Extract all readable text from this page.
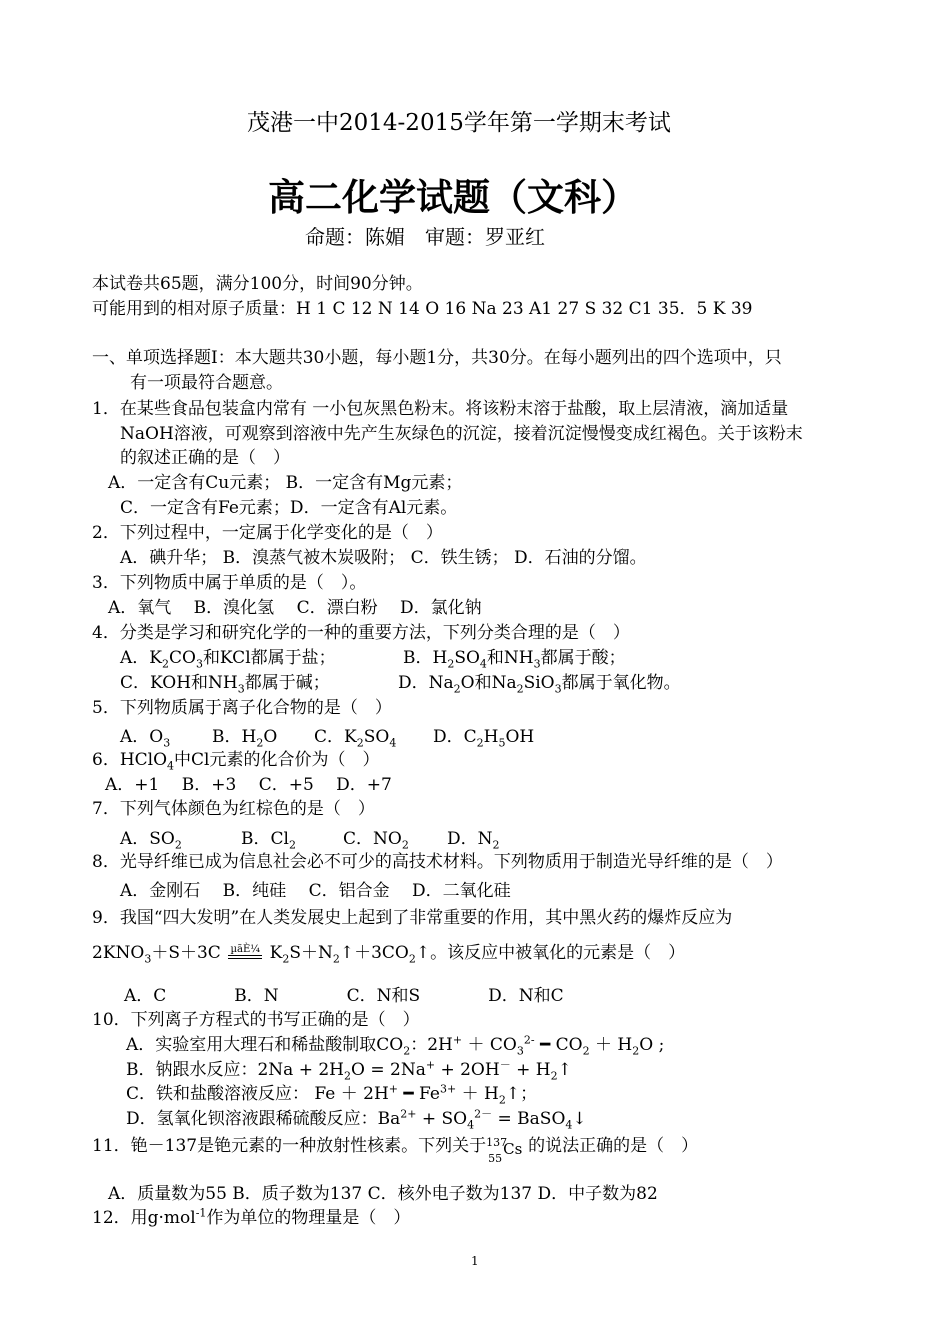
茂港一中2014-2015学年第一学期末考试
高二化学试题（文科）
命题：陈媚　审题：罗亚红
本试卷共65题，满分100分，时间90分钟。
可能用到的相对原子质量：H 1 C 12 N 14 O 16 Na 23 A1 27 S 32 C1 35．5 K 39
一、单项选择题Ⅰ：本大题共30小题，每小题1分，共30分。在每小题列出的四个选项中，只
有一项最符合题意。
1．在某些食品包装盒内常有 一小包灰黑色粉末。将该粉末溶于盐酸，取上层清液，滴加适量
NaOH溶液，可观察到溶液中先产生灰绿色的沉淀，接着沉淀慢慢变成红褐色。关于该粉末
的叙述正确的是（　）
A．一定含有Cu元素； B．一定含有Mg元素；
C．一定含有Fe元素；D．一定含有Al元素。
2．下列过程中，一定属于化学变化的是（　）
A．碘升华； B．溴蒸气被木炭吸附； C．铁生锈； D．石油的分馏。
3．下列物质中属于单质的是（　）。
A．氧气　 B．溴化氢　 C．漂白粉　 D．氯化钠
4．分类是学习和研究化学的一种的重要方法，下列分类合理的是（　）
A．$K_2CO_3$和KCl都属于盐；	B．$H_2SO_4$和$NH_3$都属于酸；
C．KOH和$NH_3$都属于碱；	D．$Na_2O$和$Na_2SiO_3$都属于氧化物。
5．下列物质属于离子化合物的是（　）
A．$O_3$ B．$H_2O$ C．$K_2SO_4$ D．$C_2H_5OH$
6．HClO$_4$中Cl元素的化合价为（　）
A．+1　 B．+3　 C．+5　 D．+7
7．下列气体颜色为红棕色的是（　）
A．$SO_2$	B．$Cl_2$	C．$NO_2$ D．$N_2$
8．光导纤维已成为信息社会必不可少的高技术材料。下列物质用于制造光导纤维的是（　）
A．金刚石　 B．纯硅　 C．铝合金　 D．二氧化硅
9．我国“四大发明”在人类发展史上起到了非常重要的作用，其中黑火药的爆炸反应为
$2KNO_3+S+3C$ µãÈ¼ $K_2S+N_2↑+3CO_2↑$。该反应中被氧化的元素是（　）
A．C　　　　B．N　　　　C．N和S　　　　D．N和C
10．下列离子方程式的书写正确的是（　）
A．实验室用大理石和稀盐酸制取$CO_2$：$2H^+ + CO_3^{2-}$ ━ $CO_2 + H_2O$ ;
B．钠跟水反应：$2Na + 2H_2O = 2Na^+ + 2OH^-$ + $H_2↑$
C．铁和盐酸溶液反应： Fe ＋ 2H+ ━ $Fe^{3+}$ ＋ $H_2↑$；
D．氢氧化钡溶液跟稀硫酸反应：$Ba^{2+} + SO_4^{2-}$ = BaSO$_4$↓
11．铯－137是铯元素的一种放射性核素。下列关于 137
55
Cs 的说法正确的是（　）
A．质量数为55 B．质子数为137 C．核外电子数为137 D．中子数为82
12．用g·mol$^{-1}$作为单位的物理量是（　）
1
